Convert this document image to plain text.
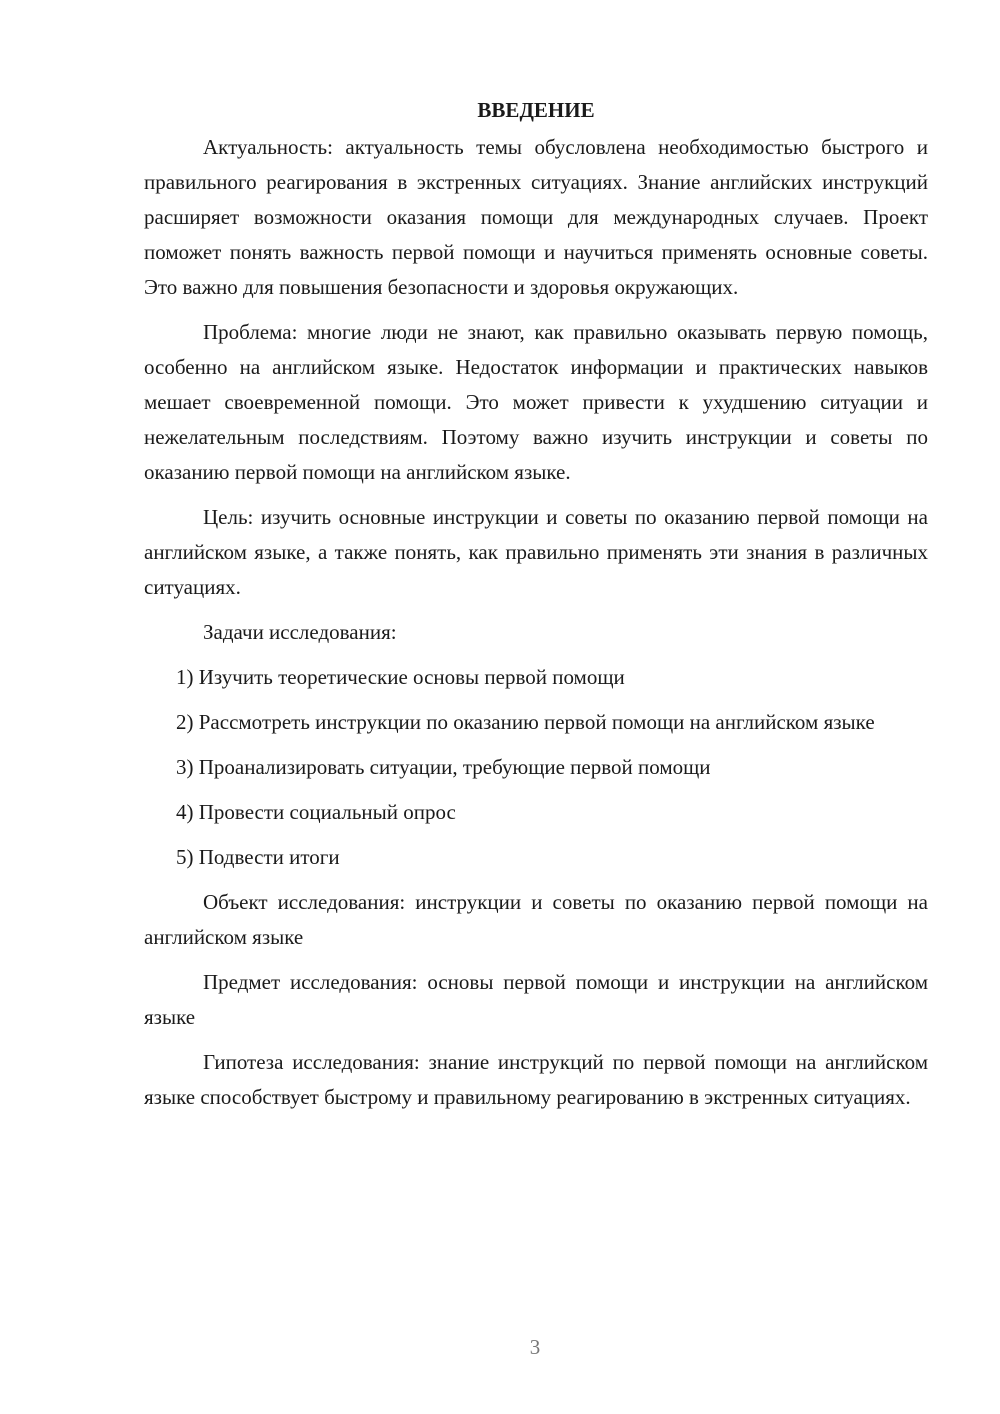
ВВЕДЕНИЕ

Актуальность: актуальность темы обусловлена необходимостью быстрого и правильного реагирования в экстренных ситуациях. Знание английских инструкций расширяет возможности оказания помощи для международных случаев. Проект поможет понять важность первой помощи и научиться применять основные советы. Это важно для повышения безопасности и здоровья окружающих.

Проблема: многие люди не знают, как правильно оказывать первую помощь, особенно на английском языке. Недостаток информации и практических навыков мешает своевременной помощи. Это может привести к ухудшению ситуации и нежелательным последствиям. Поэтому важно изучить инструкции и советы по оказанию первой помощи на английском языке.

Цель: изучить основные инструкции и советы по оказанию первой помощи на английском языке, а также понять, как правильно применять эти знания в различных ситуациях.

Задачи исследования:

1) Изучить теоретические основы первой помощи

2) Рассмотреть инструкции по оказанию первой помощи на английском языке

3) Проанализировать ситуации, требующие первой помощи

4) Провести социальный опрос

5) Подвести итоги

Объект исследования: инструкции и советы по оказанию первой помощи на английском языке

Предмет исследования: основы первой помощи и инструкции на английском языке

Гипотеза исследования: знание инструкций по первой помощи на английском языке способствует быстрому и правильному реагированию в экстренных ситуациях.

3
